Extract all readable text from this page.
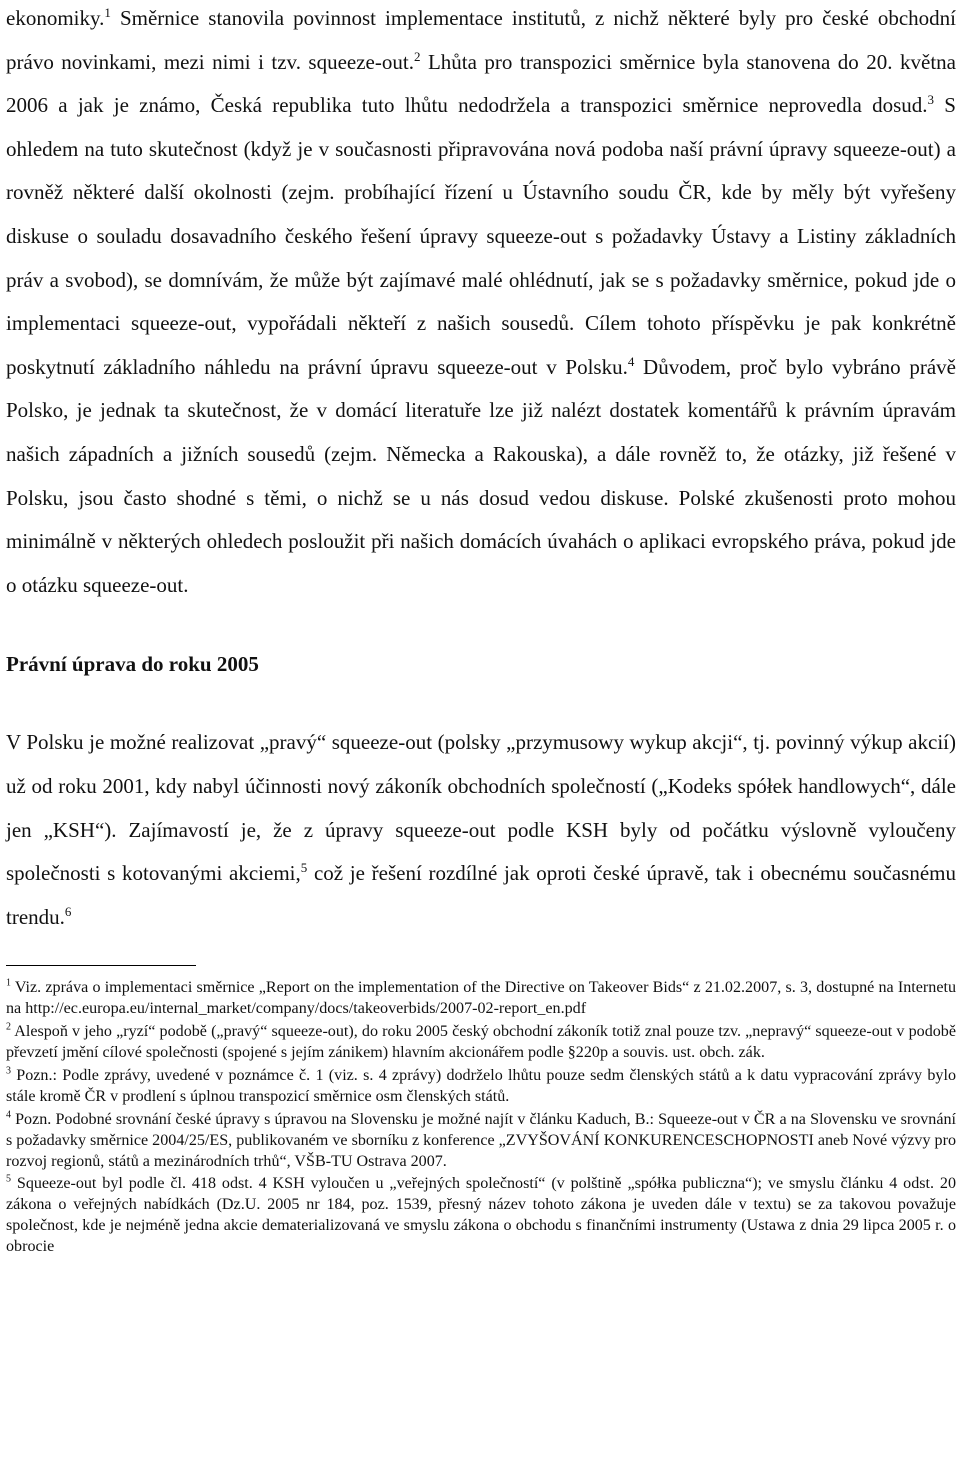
ekonomiky.$^1$ Směrnice stanovila povinnost implementace institutů, z nichž některé byly pro české obchodní právo novinkami, mezi nimi i tzv. squeeze-out.$^2$ Lhůta pro transpozici směrnice byla stanovena do 20. května 2006 a jak je známo, Česká republika tuto lhůtu nedodržela a transpozici směrnice neprovedla dosud.$^3$ S ohledem na tuto skutečnost (když je v současnosti připravována nová podoba naší právní úpravy squeeze-out) a rovněž některé další okolnosti (zejm. probíhající řízení u Ústavního soudu ČR, kde by měly být vyřešeny diskuse o souladu dosavadního českého řešení úpravy squeeze-out s požadavky Ústavy a Listiny základních práv a svobod), se domnívám, že může být zajímavé malé ohlédnutí, jak se s požadavky směrnice, pokud jde o implementaci squeeze-out, vypořádali někteří z našich sousedů. Cílem tohoto příspěvku je pak konkrétně poskytnutí základního náhledu na právní úpravu squeeze-out v Polsku.$^4$ Důvodem, proč bylo vybráno právě Polsko, je jednak ta skutečnost, že v domácí literatuře lze již nalézt dostatek komentářů k právním úpravám našich západních a jižních sousedů (zejm. Německa a Rakouska), a dále rovněž to, že otázky, již řešené v Polsku, jsou často shodné s těmi, o nichž se u nás dosud vedou diskuse. Polské zkušenosti proto mohou minimálně v některých ohledech posloužit při našich domácích úvahách o aplikaci evropského práva, pokud jde o otázku squeeze-out.

Právní úprava do roku 2005

V Polsku je možné realizovat „pravý“ squeeze-out (polsky „przymusowy wykup akcji“, tj. povinný výkup akcií) už od roku 2001, kdy nabyl účinnosti nový zákoník obchodních společností („Kodeks spółek handlowych“, dále jen „KSH“). Zajímavostí je, že z úpravy squeeze-out podle KSH byly od počátku výslovně vyloučeny společnosti s kotovanými akciemi,$^5$ což je řešení rozdílné jak oproti české úpravě, tak i obecnému současnému trendu.$^6$

$^1$ Viz. zpráva o implementaci směrnice „Report on the implementation of the Directive on Takeover Bids“ z 21.02.2007, s. 3, dostupné na Internetu na http://ec.europa.eu/internal_market/company/docs/takeoverbids/2007-02-report_en.pdf

$^2$ Alespoň v jeho „ryzí“ podobě („pravý“ squeeze-out), do roku 2005 český obchodní zákoník totiž znal pouze tzv. „nepravý“ squeeze-out v podobě převzetí jmění cílové společnosti (spojené s jejím zánikem) hlavním akcionářem podle §220p a souvis. ust. obch. zák.

$^3$ Pozn.: Podle zprávy, uvedené v poznámce č. 1 (viz. s. 4 zprávy) dodrželo lhůtu pouze sedm členských států a k datu vypracování zprávy bylo stále kromě ČR v prodlení s úplnou transpozicí směrnice osm členských států.

$^4$ Pozn. Podobné srovnání české úpravy s úpravou na Slovensku je možné najít v článku Kaduch, B.: Squeeze-out v ČR a na Slovensku ve srovnání s požadavky směrnice 2004/25/ES, publikovaném ve sborníku z konference „ZVYŠOVÁNÍ KONKURENCESCHOPNOSTI aneb Nové výzvy pro rozvoj regionů, států a mezinárodních trhů“, VŠB-TU Ostrava 2007.

$^5$ Squeeze-out byl podle čl. 418 odst. 4 KSH vyloučen u „veřejných společností“ (v polštině „spółka publiczna“); ve smyslu článku 4 odst. 20 zákona o veřejných nabídkách (Dz.U. 2005 nr 184, poz. 1539, přesný název tohoto zákona je uveden dále v textu) se za takovou považuje společnost, kde je nejméně jedna akcie dematerializovaná ve smyslu zákona o obchodu s finančními instrumenty (Ustawa z dnia 29 lipca 2005 r. o obrocie
